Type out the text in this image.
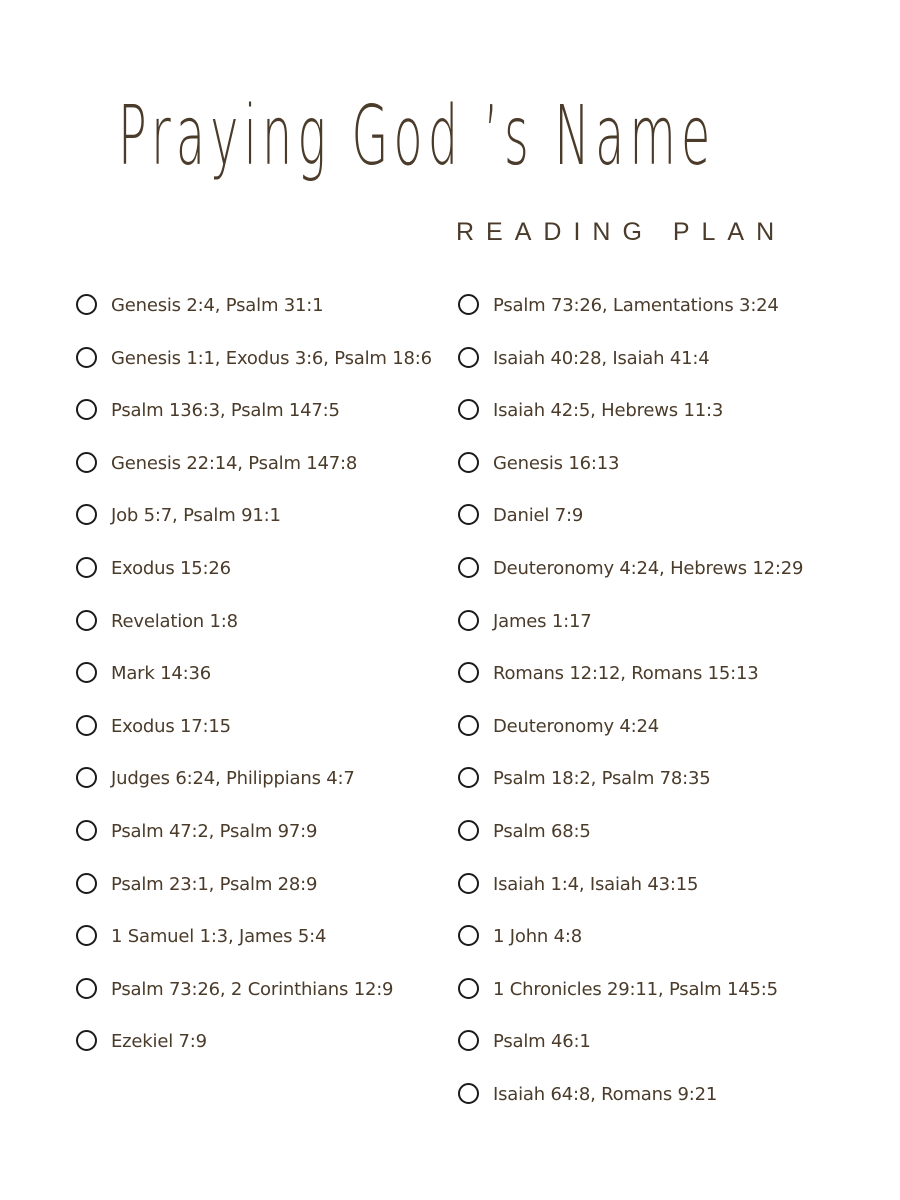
Praying God ’s Name
READING PLAN
Genesis 2:4, Psalm 31:1
Genesis 1:1, Exodus 3:6, Psalm 18:6
Psalm 136:3, Psalm 147:5
Genesis 22:14, Psalm 147:8
Job 5:7, Psalm 91:1
Exodus 15:26
Revelation 1:8
Mark 14:36
Exodus 17:15
Judges 6:24, Philippians 4:7
Psalm 47:2, Psalm 97:9
Psalm 23:1, Psalm 28:9
1 Samuel 1:3, James 5:4
Psalm 73:26, 2 Corinthians 12:9
Ezekiel 7:9
Psalm 73:26, Lamentations 3:24
Isaiah 40:28, Isaiah 41:4
Isaiah 42:5, Hebrews 11:3
Genesis 16:13
Daniel 7:9
Deuteronomy 4:24, Hebrews 12:29
James 1:17
Romans 12:12, Romans 15:13
Deuteronomy 4:24
Psalm 18:2, Psalm 78:35
Psalm 68:5
Isaiah 1:4, Isaiah 43:15
1 John 4:8
1 Chronicles 29:11, Psalm 145:5
Psalm 46:1
Isaiah 64:8, Romans 9:21
